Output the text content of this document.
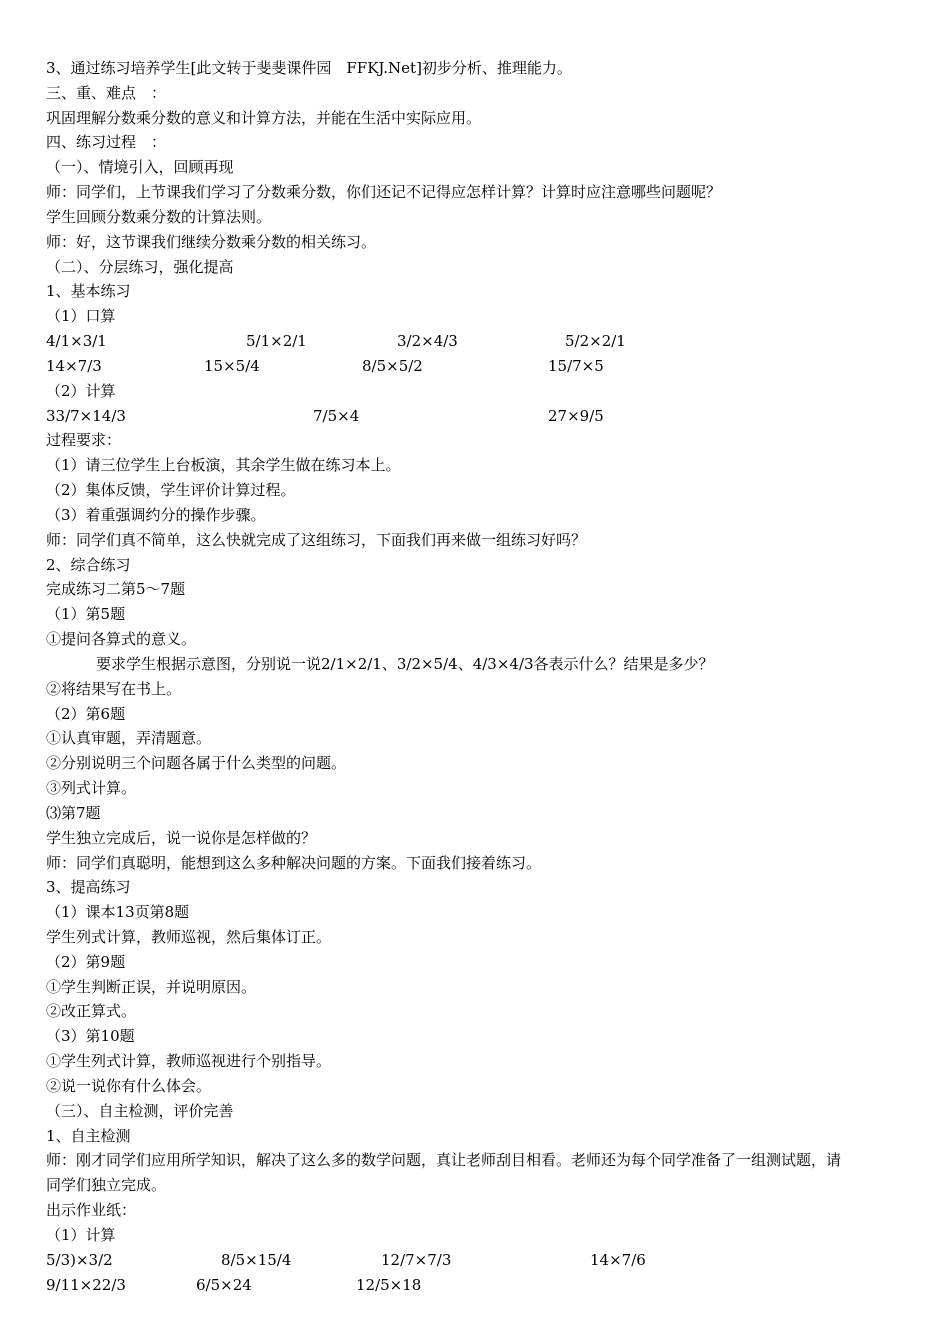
3、通过练习培养学生[此文转于斐斐课件园　FFKJ.Net]初步分析、推理能力。
三、重、难点　：
巩固理解分数乘分数的意义和计算方法，并能在生活中实际应用。
四、练习过程　：
（一）、情境引入，回顾再现
师：同学们，上节课我们学习了分数乘分数，你们还记不记得应怎样计算？计算时应注意哪些问题呢？
学生回顾分数乘分数的计算法则。
师：好，这节课我们继续分数乘分数的相关练习。
（二）、分层练习，强化提高
1、基本练习
（1）口算
4/1×3/1	5/1×2/1	3/2×4/3	5/2×2/1
14×7/3	15×5/4	8/5×5/2	15/7×5
（2）计算
33/7×14/3	7/5×4	27×9/5
过程要求：
（1）请三位学生上台板演，其余学生做在练习本上。
（2）集体反馈，学生评价计算过程。
（3）着重强调约分的操作步骤。
师：同学们真不简单，这么快就完成了这组练习，下面我们再来做一组练习好吗？
2、综合练习
完成练习二第5～7题
（1）第5题
①提问各算式的意义。
要求学生根据示意图，分别说一说2/1×2/1、3/2×5/4、4/3×4/3各表示什么？结果是多少？
②将结果写在书上。
（2）第6题
①认真审题，弄清题意。
②分别说明三个问题各属于什么类型的问题。
③列式计算。
⑶第7题
学生独立完成后，说一说你是怎样做的？
师：同学们真聪明，能想到这么多种解决问题的方案。下面我们接着练习。
3、提高练习
（1）课本13页第8题
学生列式计算，教师巡视，然后集体订正。
（2）第9题
①学生判断正误，并说明原因。
②改正算式。
（3）第10题
①学生列式计算，教师巡视进行个别指导。
②说一说你有什么体会。
（三）、自主检测，评价完善
1、自主检测
师：刚才同学们应用所学知识，解决了这么多的数学问题，真让老师刮目相看。老师还为每个同学准备了一组测试题，请
同学们独立完成。
出示作业纸：
（1）计算
5/3)×3/2	8/5×15/4	12/7×7/3	14×7/6
9/11×22/3	6/5×24	12/5×18
